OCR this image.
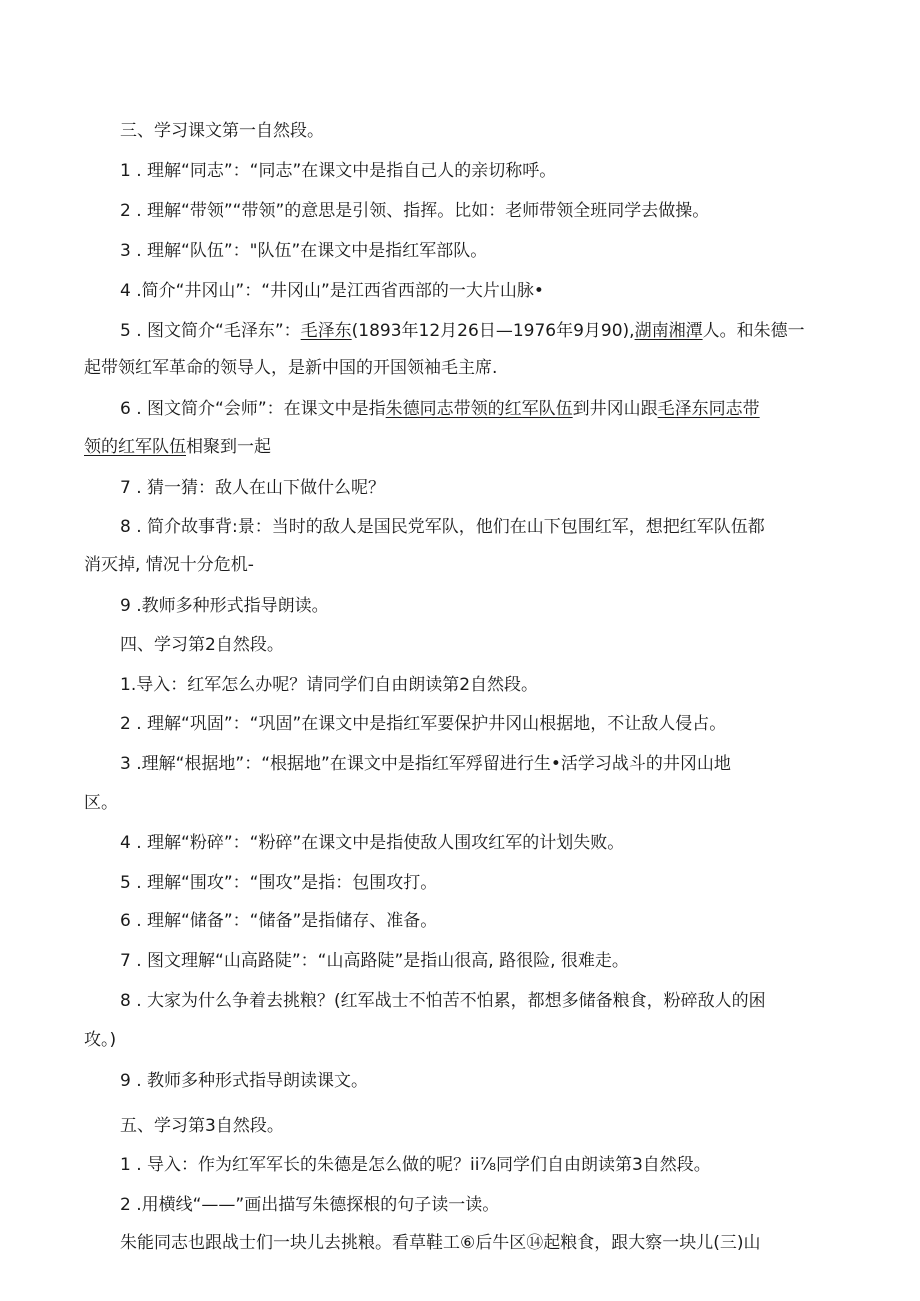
三、学习课文第一自然段。
1 . 理解“同志”：“同志”在课文中是指自己人的亲切称呼。
2 . 理解“带领”“带领”的意思是引领、指挥。比如：老师带领全班同学去做操。
3 . 理解“队伍”："队伍”在课文中是指红军部队。
4 .简介“井冈山”：“井冈山”是江西省西部的一大片山脉•
5 . 图文简介“毛泽东”：毛泽东(1893年12月26日—1976年9月90),湖南湘潭人。和朱德一
起带领红军革命的领导人，是新中国的开国领袖毛主席.
6 . 图文简介“会师”：在课文中是指朱德同志带领的红军队伍到井冈山跟毛泽东同志带
领的红军队伍相聚到一起
7 . 猜一猜：敌人在山下做什么呢？
8 . 简介故事背:景：当时的敌人是国民党军队，他们在山下包围红军，想把红军队伍都
消灭掉, 情况十分危机-
9 .教师多种形式指导朗读。
四、学习第2自然段。
1.导入：红军怎么办呢？请同学们自由朗读第2自然段。
2 . 理解“巩固”：“巩固”在课文中是指红军要保护井冈山根据地，不让敌人侵占。
3 .理解“根据地”：“根据地”在课文中是指红军殍留进行生•活学习战斗的井冈山地
区。
4 . 理解“粉碎”：“粉碎”在课文中是指使敌人围攻红军的计划失败。
5 . 理解“围攻”：“围攻”是指：包围攻打。
6 . 理解“储备”：“储备”是指储存、准备。
7 . 图文理解“山高路陡”：“山高路陡”是指山很高, 路很险, 很难走。
8 . 大家为什么争着去挑粮？(红军战士不怕苦不怕累，都想多储备粮食，粉碎敌人的困
攻。)
9 . 教师多种形式指导朗读课文。
五、学习第3自然段。
1 . 导入：作为红军军长的朱德是怎么做的呢？ii⅞同学们自由朗读第3自然段。
2 .用横线“——”画出描写朱德探根的句子读一读。
朱能同志也跟战士们一块儿去挑粮。看草鞋工⑥后牛区⑭起粮食，跟大察一块儿(三)山
